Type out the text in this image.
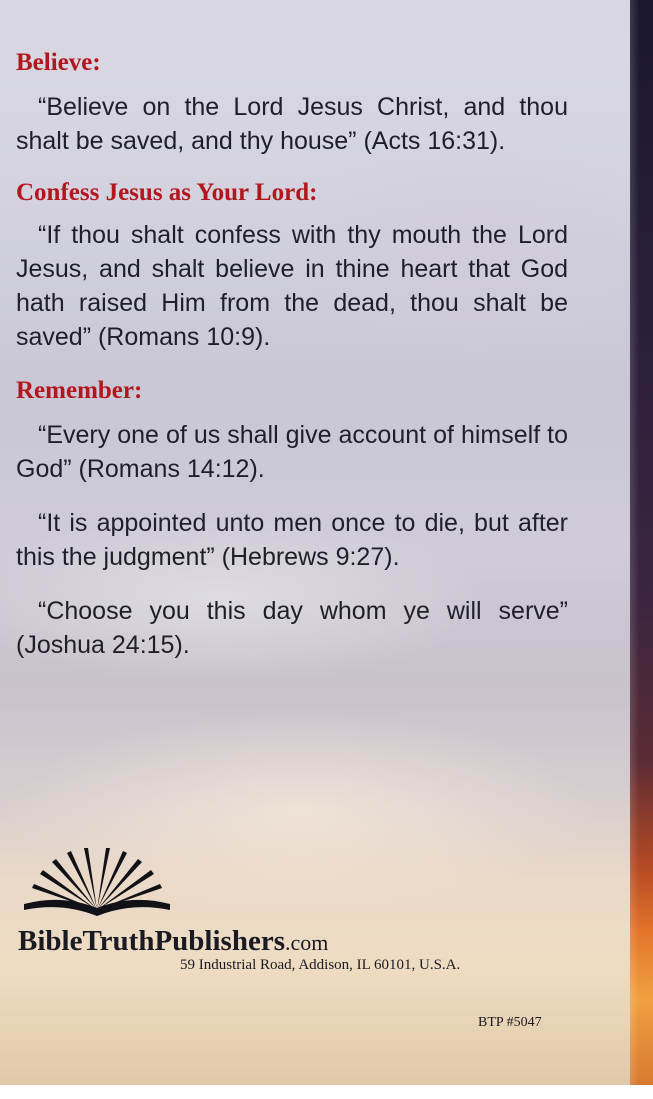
Believe:

“Believe on the Lord Jesus Christ, and thou shalt be saved, and thy house” (Acts 16:31).

Confess Jesus as Your Lord:

“If thou shalt confess with thy mouth the Lord Jesus, and shalt believe in thine heart that God hath raised Him from the dead, thou shalt be saved” (Romans 10:9).

Remember:

“Every one of us shall give account of himself to God” (Romans 14:12).

“It is appointed unto men once to die, but after this the judgment” (Hebrews 9:27).

“Choose you this day whom ye will serve” (Joshua 24:15).

BibleTruthPublishers.com
59 Industrial Road, Addison, IL 60101, U.S.A.
BTP #5047
